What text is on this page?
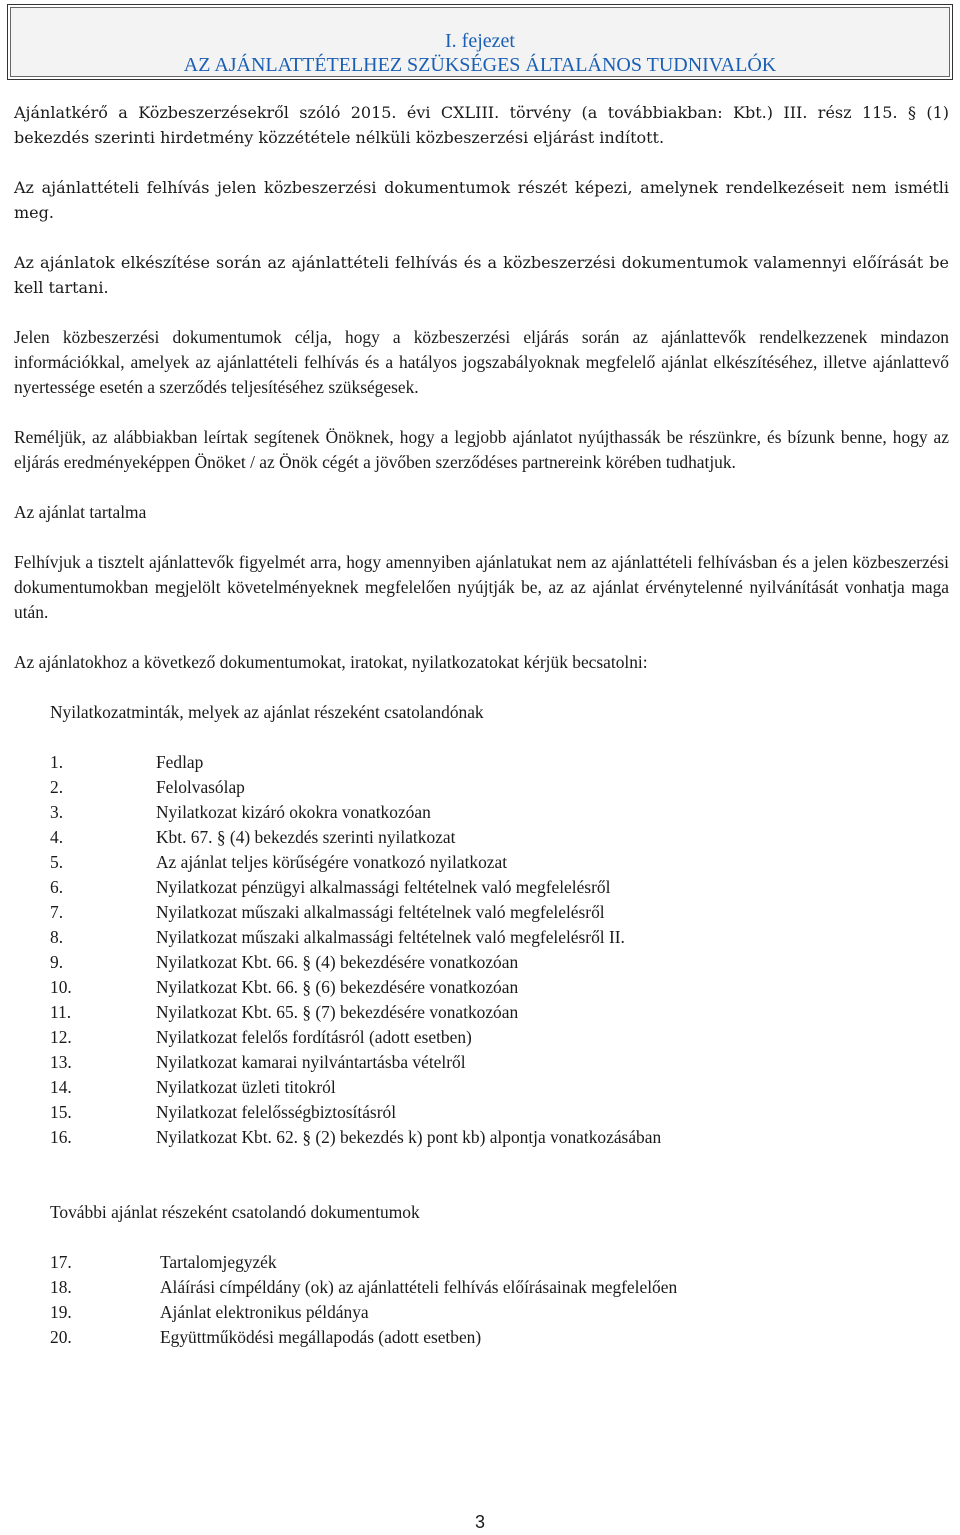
I. fejezet
AZ AJÁNLATTÉTELHEZ SZÜKSÉGES ÁLTALÁNOS TUDNIVALÓK

Ajánlatkérő a Közbeszerzésekről szóló 2015. évi CXLIII. törvény (a továbbiakban: Kbt.) III. rész 115. § (1) bekezdés szerinti hirdetmény közzététele nélküli közbeszerzési eljárást indított.

Az ajánlattételi felhívás jelen közbeszerzési dokumentumok részét képezi, amelynek rendelkezéseit nem ismétli meg.

Az ajánlatok elkészítése során az ajánlattételi felhívás és a közbeszerzési dokumentumok valamennyi előírását be kell tartani.

Jelen közbeszerzési dokumentumok célja, hogy a közbeszerzési eljárás során az ajánlattevők rendelkezzenek mindazon információkkal, amelyek az ajánlattételi felhívás és a hatályos jogszabályoknak megfelelő ajánlat elkészítéséhez, illetve ajánlattevő nyertessége esetén a szerződés teljesítéséhez szükségesek.

Reméljük, az alábbiakban leírtak segítenek Önöknek, hogy a legjobb ajánlatot nyújthassák be részünkre, és bízunk benne, hogy az eljárás eredményeképpen Önöket / az Önök cégét a jövőben szerződéses partnereink körében tudhatjuk.

Az ajánlat tartalma

Felhívjuk a tisztelt ajánlattevők figyelmét arra, hogy amennyiben ajánlatukat nem az ajánlattételi felhívásban és a jelen közbeszerzési dokumentumokban megjelölt követelményeknek megfelelően nyújtják be, az az ajánlat érvénytelenné nyilvánítását vonhatja maga után.

Az ajánlatokhoz a következő dokumentumokat, iratokat, nyilatkozatokat kérjük becsatolni:

Nyilatkozatminták, melyek az ajánlat részeként csatolandónak

1.	Fedlap
2.	Felolvasólap
3.	Nyilatkozat kizáró okokra vonatkozóan
4.	Kbt. 67. § (4) bekezdés szerinti nyilatkozat
5.	Az ajánlat teljes körűségére vonatkozó nyilatkozat
6.	Nyilatkozat pénzügyi alkalmassági feltételnek való megfelelésről
7.	Nyilatkozat műszaki alkalmassági feltételnek való megfelelésről
8.	Nyilatkozat műszaki alkalmassági feltételnek való megfelelésről II.
9.	Nyilatkozat Kbt. 66. § (4) bekezdésére vonatkozóan
10.	Nyilatkozat Kbt. 66. § (6) bekezdésére vonatkozóan
11.	Nyilatkozat Kbt. 65. § (7) bekezdésére vonatkozóan
12.	Nyilatkozat felelős fordításról (adott esetben)
13.	Nyilatkozat kamarai nyilvántartásba vételről
14.	Nyilatkozat üzleti titokról
15.	Nyilatkozat felelősségbiztosításról
16.	Nyilatkozat Kbt. 62. § (2) bekezdés k) pont kb) alpontja vonatkozásában

További ajánlat részeként csatolandó dokumentumok

17.	Tartalomjegyzék
18.	Aláírási címpéldány (ok) az ajánlattételi felhívás előírásainak megfelelően
19.	Ajánlat elektronikus példánya
20.	Együttműködési megállapodás (adott esetben)
3
